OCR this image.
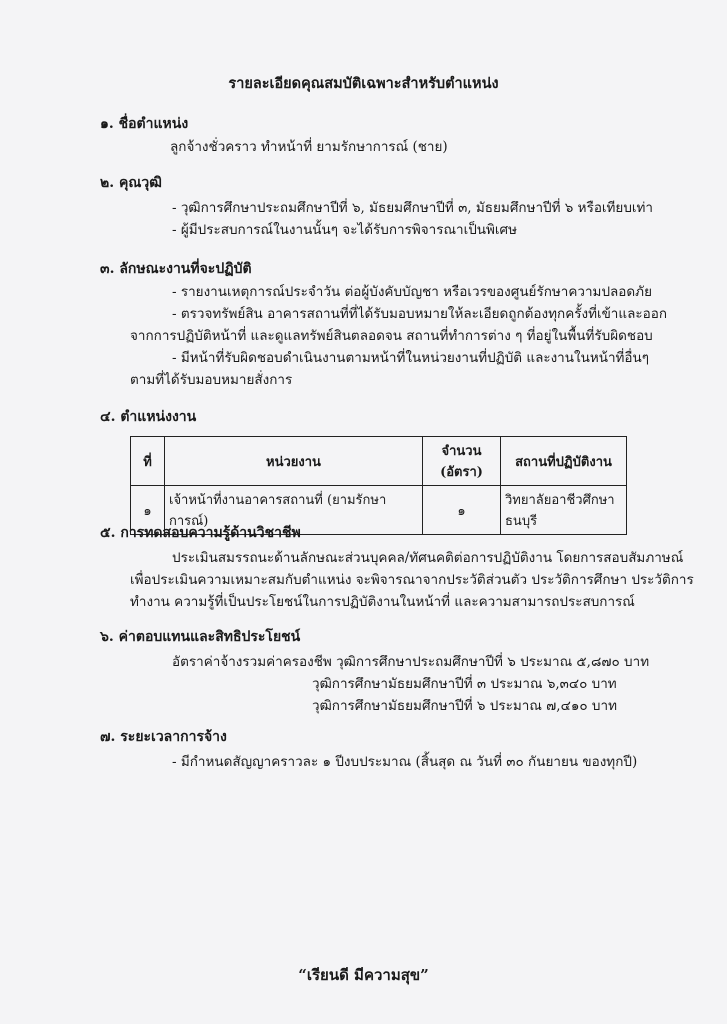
รายละเอียดคุณสมบัติเฉพาะสำหรับตำแหน่ง
๑. ชื่อตำแหน่ง
ลูกจ้างชั่วคราว ทำหน้าที่ ยามรักษาการณ์ (ชาย)
๒. คุณวุฒิ
- วุฒิการศึกษาประถมศึกษาปีที่ ๖, มัธยมศึกษาปีที่ ๓, มัธยมศึกษาปีที่ ๖ หรือเทียบเท่า
- ผู้มีประสบการณ์ในงานนั้นๆ จะได้รับการพิจารณาเป็นพิเศษ
๓. ลักษณะงานที่จะปฏิบัติ
- รายงานเหตุการณ์ประจำวัน ต่อผู้บังคับบัญชา หรือเวรของศูนย์รักษาความปลอดภัย
- ตรวจทรัพย์สิน อาคารสถานที่ที่ได้รับมอบหมายให้ละเอียดถูกต้องทุกครั้งที่เข้าและออก
จากการปฏิบัติหน้าที่ และดูแลทรัพย์สินตลอดจน สถานที่ทำการต่าง ๆ ที่อยู่ในพื้นที่รับผิดชอบ
- มีหน้าที่รับผิดชอบดำเนินงานตามหน้าที่ในหน่วยงานที่ปฏิบัติ และงานในหน้าที่อื่นๆ
ตามที่ได้รับมอบหมายสั่งการ
๔. ตำแหน่งงาน
ที่	หน่วยงาน	จำนวน (อัตรา)	สถานที่ปฏิบัติงาน
๑	เจ้าหน้าที่งานอาคารสถานที่ (ยามรักษาการณ์)	๑	วิทยาลัยอาชีวศึกษาธนบุรี
๕. การทดสอบความรู้ด้านวิชาชีพ
ประเมินสมรรถนะด้านลักษณะส่วนบุคคล/ทัศนคติต่อการปฏิบัติงาน โดยการสอบสัมภาษณ์
เพื่อประเมินความเหมาะสมกับตำแหน่ง จะพิจารณาจากประวัติส่วนตัว ประวัติการศึกษา ประวัติการ
ทำงาน ความรู้ที่เป็นประโยชน์ในการปฏิบัติงานในหน้าที่ และความสามารถประสบการณ์
๖. ค่าตอบแทนและสิทธิประโยชน์
อัตราค่าจ้างรวมค่าครองชีพ วุฒิการศึกษาประถมศึกษาปีที่ ๖ ประมาณ ๕,๘๗๐ บาท
วุฒิการศึกษามัธยมศึกษาปีที่ ๓ ประมาณ ๖,๓๔๐ บาท
วุฒิการศึกษามัธยมศึกษาปีที่ ๖ ประมาณ ๗,๔๑๐ บาท
๗. ระยะเวลาการจ้าง
- มีกำหนดสัญญาคราวละ ๑ ปีงบประมาณ (สิ้นสุด ณ วันที่ ๓๐ กันยายน ของทุกปี)
“เรียนดี มีความสุข”
